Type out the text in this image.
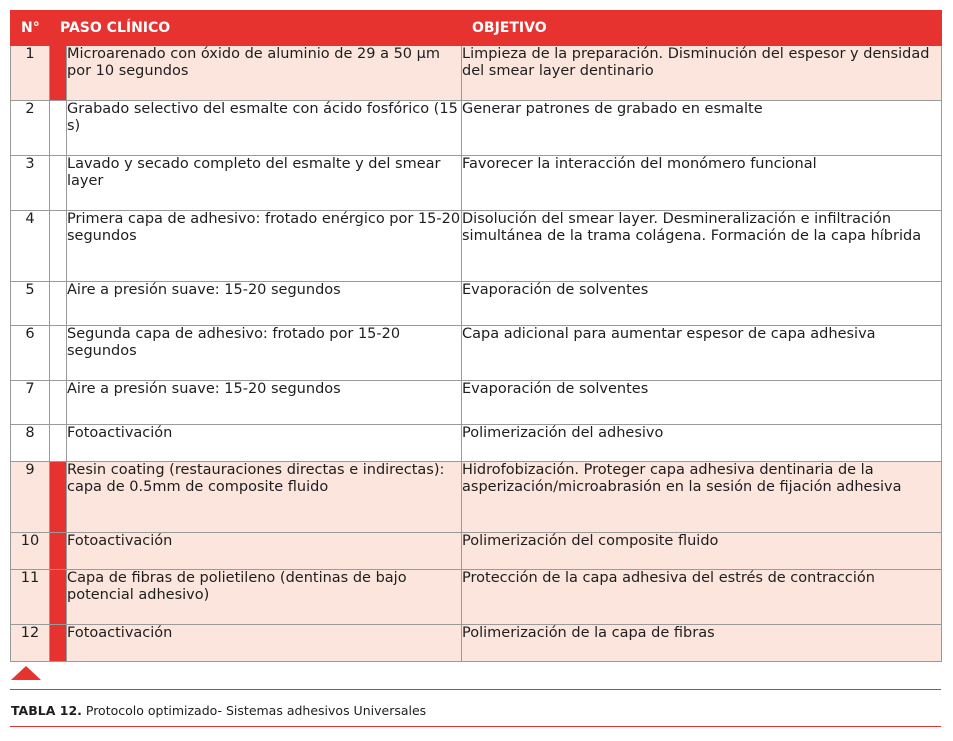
N°	PASO CLÍNICO		OBJETIVO
1		Microarenado con óxido de aluminio de 29 a 50 µm por 10 segundos	Limpieza de la preparación. Disminución del espesor y densidad del smear layer dentinario
2		Grabado selectivo del esmalte con ácido fosfórico (15 s)	Generar patrones de grabado en esmalte
3		Lavado y secado completo del esmalte y del smear layer	Favorecer la interacción del monómero funcional
4		Primera capa de adhesivo: frotado enérgico por 15-20 segundos	Disolución del smear layer. Desmineralización e infiltración simultánea de la trama colágena. Formación de la capa híbrida
5		Aire a presión suave: 15-20 segundos	Evaporación de solventes
6		Segunda capa de adhesivo: frotado por 15-20 segundos	Capa adicional para aumentar espesor de capa adhesiva
7		Aire a presión suave: 15-20 segundos	Evaporación de solventes
8		Fotoactivación	Polimerización del adhesivo
9		Resin coating (restauraciones directas e indirectas): capa de 0.5mm de composite fluido	Hidrofobización. Proteger capa adhesiva dentinaria de la asperización/microabrasión en la sesión de fijación adhesiva
10		Fotoactivación	Polimerización del composite fluido
11		Capa de fibras de polietileno (dentinas de bajo potencial adhesivo)	Protección de la capa adhesiva del estrés de contracción
12		Fotoactivación	Polimerización de la capa de fibras
TABLA 12. Protocolo optimizado- Sistemas adhesivos Universales
